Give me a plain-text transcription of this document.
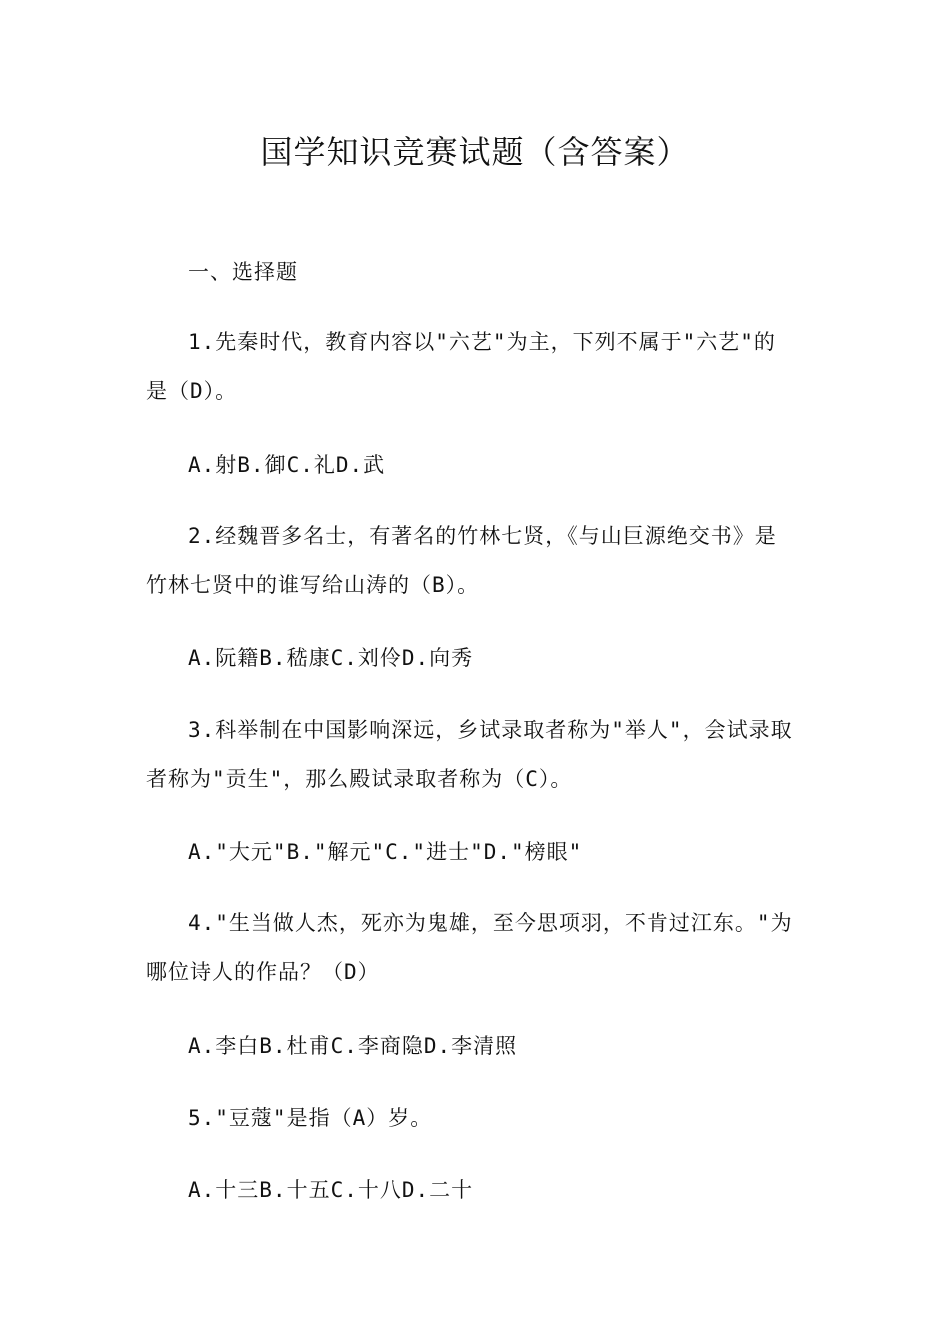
国学知识竞赛试题（含答案）
一、选择题
1.先秦时代，教育内容以"六艺"为主，下列不属于"六艺"的是（D）。
A.射B.御C.礼D.武
2.经魏晋多名士，有著名的竹林七贤，《与山巨源绝交书》是竹林七贤中的谁写给山涛的（B）。
A.阮籍B.嵇康C.刘伶D.向秀
3.科举制在中国影响深远，乡试录取者称为"举人"，会试录取者称为"贡生"，那么殿试录取者称为（C）。
A."大元"B."解元"C."进士"D."榜眼"
4."生当做人杰，死亦为鬼雄，至今思项羽，不肯过江东。"为哪位诗人的作品？（D）
A.李白B.杜甫C.李商隐D.李清照
5."豆蔻"是指（A）岁。
A.十三B.十五C.十八D.二十
